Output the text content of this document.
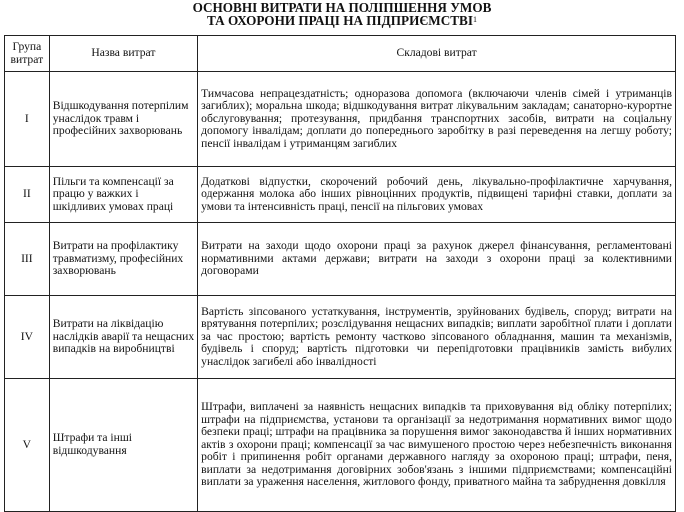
ОСНОВНІ ВИТРАТИ НА ПОЛІПШЕННЯ УМОВ
ТА ОХОРОНИ ПРАЦІ НА ПІДПРИЄМСТВІ$^1$
Група витрат	Назва витрат	Складові витрат
I	Відшкодування потерпілим унаслідок травм і професійних захворювань	Тимчасова непрацездатність; одноразова допомога (включаючи членів сімей і утриманців загиблих); моральна шкода; відшкодування витрат лікувальним закладам; санаторно-курортне обслуговування; протезування, придбання транспортних засобів, витрати на соціальну допомогу інвалідам; доплати до попереднього заробітку в разі переведення на легшу роботу; пенсії інвалідам і утриманцям загиблих
II	Пільги та компенсації за працю у важких і шкідливих умовах праці	Додаткові відпустки, скорочений робочий день, лікувально-профілактичне харчування, одержання молока або інших рівноцінних продуктів, підвищені тарифні ставки, доплати за умови та інтенсивність праці, пенсії на пільгових умовах
III	Витрати на профілактику травматизму, професійних захворювань	Витрати на заходи щодо охорони праці за рахунок джерел фінансування, регламентовані нормативними актами держави; витрати на заходи з охорони праці за колективними договорами
IV	Витрати на ліквідацію наслідків аварії та нещасних випадків на виробництві	Вартість зіпсованого устаткування, інструментів, зруйнованих будівель, споруд; витрати на врятування потерпілих; розслідування нещасних випадків; виплати заробітної плати і доплати за час простою; вартість ремонту частково зіпсованого обладнання, машин та механізмів, будівель і споруд; вартість підготовки чи перепідготовки працівників замість вибулих унаслідок загибелі або інвалідності
V	Штрафи та інші відшкодування	Штрафи, виплачені за наявність нещасних випадків та приховування від обліку потерпілих; штрафи на підприємства, установи та організації за недотримання нормативних вимог щодо безпеки праці; штрафи на працівника за порушення вимог законодавства й інших нормативних актів з охорони праці; компенсації за час вимушеного простою через небезпечність виконання робіт і припинення робіт органами державного нагляду за охороною праці; штрафи, пеня, виплати за недотримання договірних зобов'язань з іншими підприємствами; компенсаційні виплати за ураження населення, житлового фонду, приватного майна та забруднення довкілля
